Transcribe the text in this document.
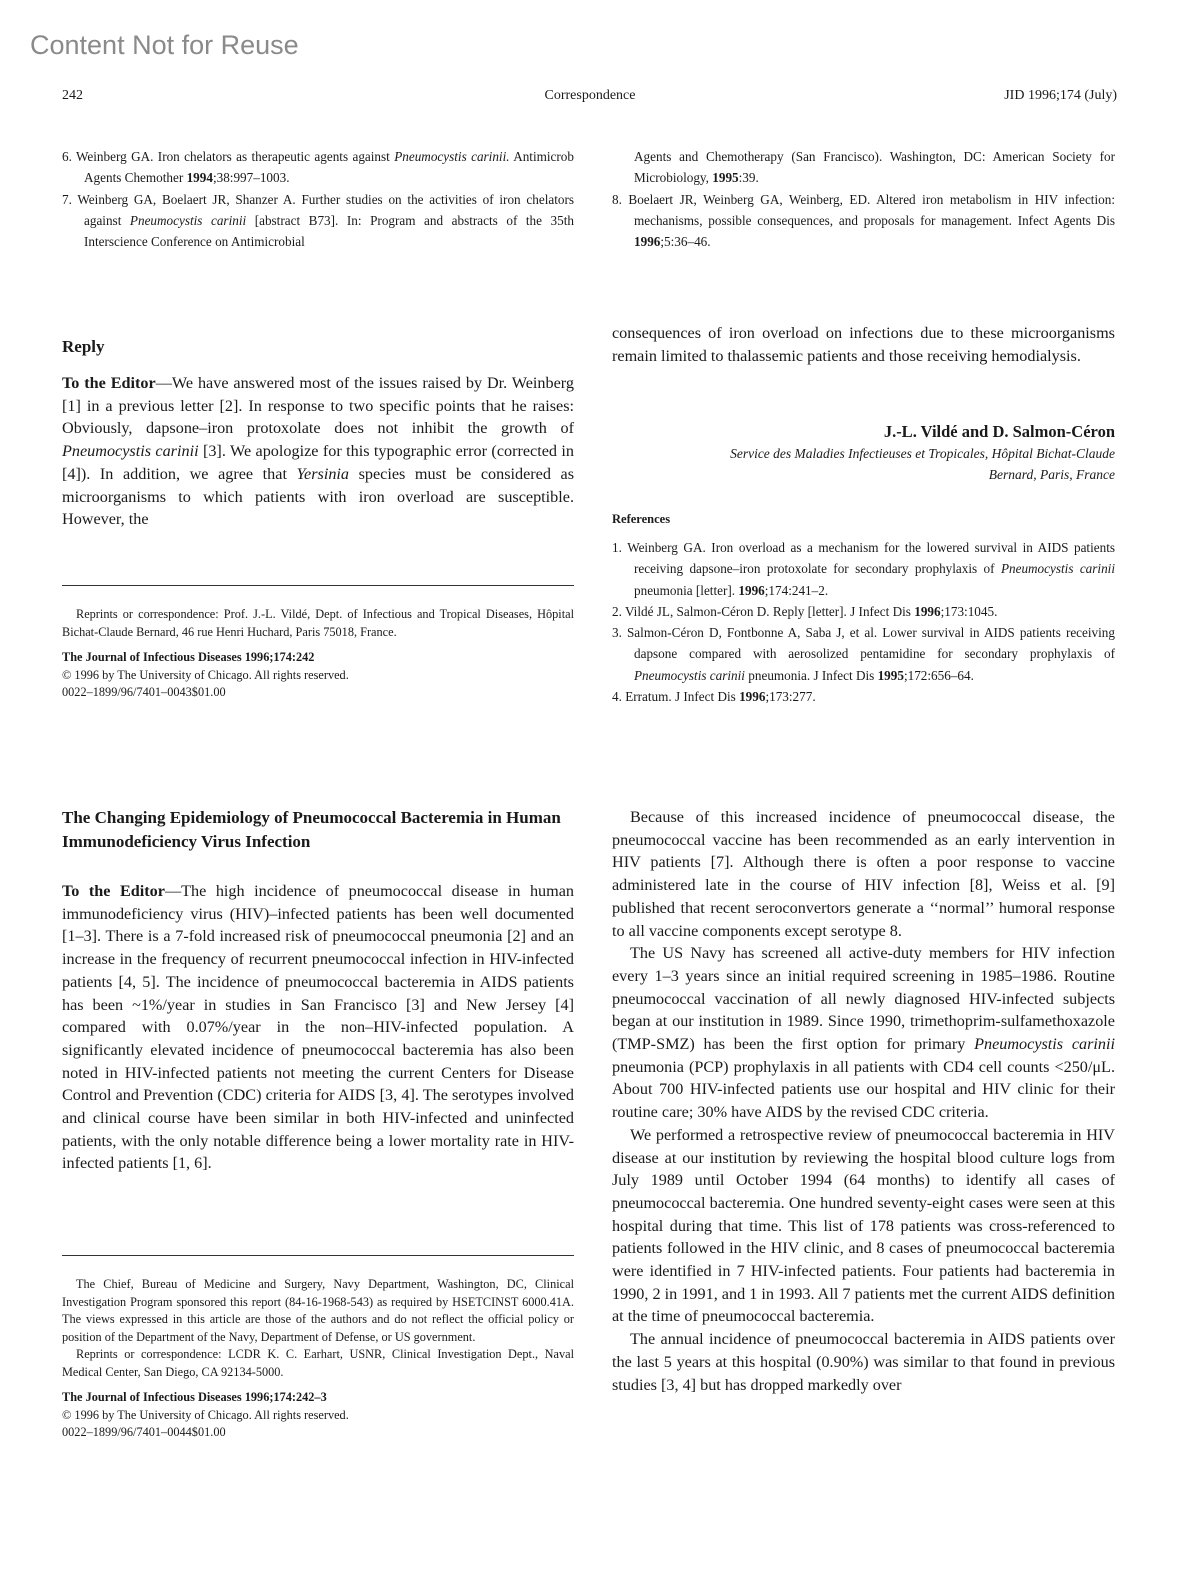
Content Not for Reuse
242	Correspondence	JID 1996;174 (July)

6. Weinberg GA. Iron chelators as therapeutic agents against Pneumocystis carinii. Antimicrob Agents Chemother 1994;38:997–1003.

7. Weinberg GA, Boelaert JR, Shanzer A. Further studies on the activities of iron chelators against Pneumocystis carinii [abstract B73]. In: Program and abstracts of the 35th Interscience Conference on Antimicrobial

Agents and Chemotherapy (San Francisco). Washington, DC: American Society for Microbiology, 1995:39.

8. Boelaert JR, Weinberg GA, Weinberg, ED. Altered iron metabolism in HIV infection: mechanisms, possible consequences, and proposals for management. Infect Agents Dis 1996;5:36–46.

Reply

To the Editor—We have answered most of the issues raised by Dr. Weinberg [1] in a previous letter [2]. In response to two specific points that he raises: Obviously, dapsone–iron protoxolate does not inhibit the growth of Pneumocystis carinii [3]. We apologize for this typographic error (corrected in [4]). In addition, we agree that Yersinia species must be considered as microorganisms to which patients with iron overload are susceptible. However, the

consequences of iron overload on infections due to these microorganisms remain limited to thalassemic patients and those receiving hemodialysis.

J.-L. Vildé and D. Salmon-Céron
Service des Maladies Infectieuses et Tropicales, Hôpital Bichat-Claude
Bernard, Paris, France
References

1. Weinberg GA. Iron overload as a mechanism for the lowered survival in AIDS patients receiving dapsone–iron protoxolate for secondary prophylaxis of Pneumocystis carinii pneumonia [letter]. 1996;174:241–2.

2. Vildé JL, Salmon-Céron D. Reply [letter]. J Infect Dis 1996;173:1045.

3. Salmon-Céron D, Fontbonne A, Saba J, et al. Lower survival in AIDS patients receiving dapsone compared with aerosolized pentamidine for secondary prophylaxis of Pneumocystis carinii pneumonia. J Infect Dis 1995;172:656–64.

4. Erratum. J Infect Dis 1996;173:277.

Reprints or correspondence: Prof. J.-L. Vildé, Dept. of Infectious and Tropical Diseases, Hôpital Bichat-Claude Bernard, 46 rue Henri Huchard, Paris 75018, France.

The Journal of Infectious Diseases 1996;174:242

© 1996 by The University of Chicago. All rights reserved.

0022–1899/96/7401–0043$01.00

The Changing Epidemiology of Pneumococcal Bacteremia in Human Immunodeficiency Virus Infection

To the Editor—The high incidence of pneumococcal disease in human immunodeficiency virus (HIV)–infected patients has been well documented [1–3]. There is a 7-fold increased risk of pneumococcal pneumonia [2] and an increase in the frequency of recurrent pneumococcal infection in HIV-infected patients [4, 5]. The incidence of pneumococcal bacteremia in AIDS patients has been ~1%/year in studies in San Francisco [3] and New Jersey [4] compared with 0.07%/year in the non–HIV-infected population. A significantly elevated incidence of pneumococcal bacteremia has also been noted in HIV-infected patients not meeting the current Centers for Disease Control and Prevention (CDC) criteria for AIDS [3, 4]. The serotypes involved and clinical course have been similar in both HIV-infected and uninfected patients, with the only notable difference being a lower mortality rate in HIV-infected patients [1, 6].

Because of this increased incidence of pneumococcal disease, the pneumococcal vaccine has been recommended as an early intervention in HIV patients [7]. Although there is often a poor response to vaccine administered late in the course of HIV infection [8], Weiss et al. [9] published that recent seroconvertors generate a ‘‘normal’’ humoral response to all vaccine components except serotype 8.

The US Navy has screened all active-duty members for HIV infection every 1–3 years since an initial required screening in 1985–1986. Routine pneumococcal vaccination of all newly diagnosed HIV-infected subjects began at our institution in 1989. Since 1990, trimethoprim-sulfamethoxazole (TMP-SMZ) has been the first option for primary Pneumocystis carinii pneumonia (PCP) prophylaxis in all patients with CD4 cell counts <250/μL. About 700 HIV-infected patients use our hospital and HIV clinic for their routine care; 30% have AIDS by the revised CDC criteria.

We performed a retrospective review of pneumococcal bacteremia in HIV disease at our institution by reviewing the hospital blood culture logs from July 1989 until October 1994 (64 months) to identify all cases of pneumococcal bacteremia. One hundred seventy-eight cases were seen at this hospital during that time. This list of 178 patients was cross-referenced to patients followed in the HIV clinic, and 8 cases of pneumococcal bacteremia were identified in 7 HIV-infected patients. Four patients had bacteremia in 1990, 2 in 1991, and 1 in 1993. All 7 patients met the current AIDS definition at the time of pneumococcal bacteremia.

The annual incidence of pneumococcal bacteremia in AIDS patients over the last 5 years at this hospital (0.90%) was similar to that found in previous studies [3, 4] but has dropped markedly over

The Chief, Bureau of Medicine and Surgery, Navy Department, Washington, DC, Clinical Investigation Program sponsored this report (84-16-1968-543) as required by HSETCINST 6000.41A. The views expressed in this article are those of the authors and do not reflect the official policy or position of the Department of the Navy, Department of Defense, or US government.

Reprints or correspondence: LCDR K. C. Earhart, USNR, Clinical Investigation Dept., Naval Medical Center, San Diego, CA 92134-5000.

The Journal of Infectious Diseases 1996;174:242–3

© 1996 by The University of Chicago. All rights reserved.

0022–1899/96/7401–0044$01.00
